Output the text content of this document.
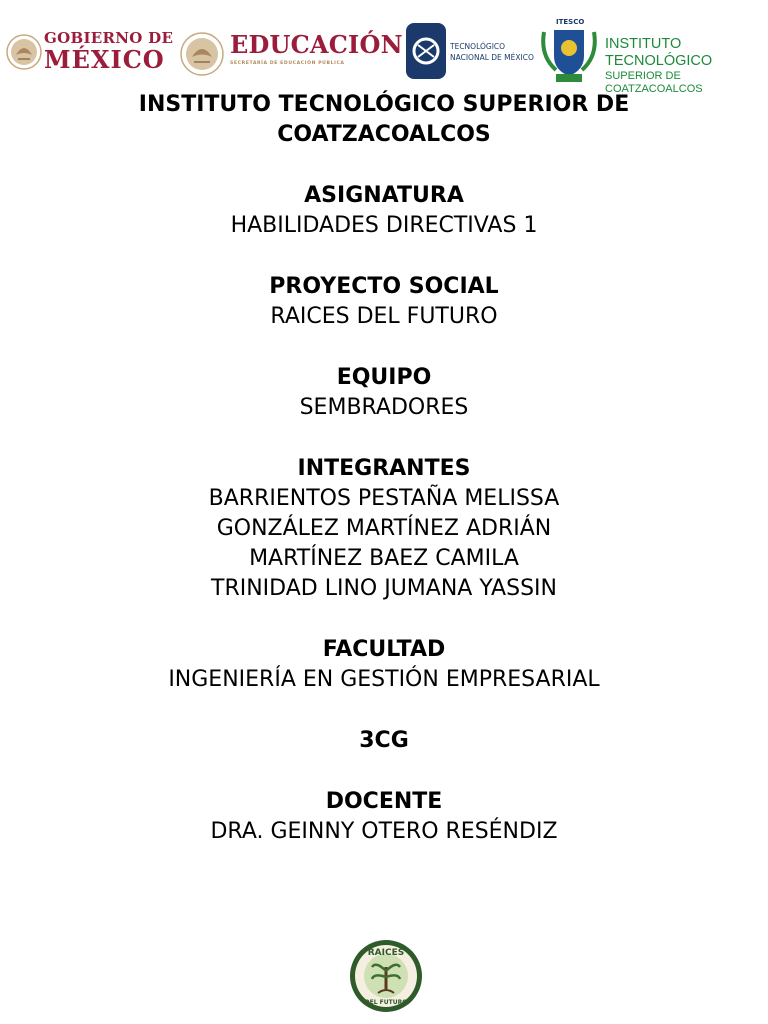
GOBIERNO DE
MÉXICO
EDUCACIÓN
SECRETARÍA DE EDUCACIÓN PÚBLICA
TECNOLÓGICO
NACIONAL DE MÉXICO
ITESCO
INSTITUTO TECNOLÓGICO
SUPERIOR DE COATZACOALCOS
INSTITUTO TECNOLÓGICO SUPERIOR DE
COATZACOALCOS
ASIGNATURA
HABILIDADES DIRECTIVAS 1
PROYECTO SOCIAL
RAICES DEL FUTURO
EQUIPO
SEMBRADORES
INTEGRANTES
BARRIENTOS PESTAÑA MELISSA
GONZÁLEZ MARTÍNEZ ADRIÁN
MARTÍNEZ BAEZ CAMILA
TRINIDAD LINO JUMANA YASSIN
FACULTAD
INGENIERÍA EN GESTIÓN EMPRESARIAL
3CG
DOCENTE
DRA. GEINNY OTERO RESÉNDIZ
RAICES
DEL FUTURO
